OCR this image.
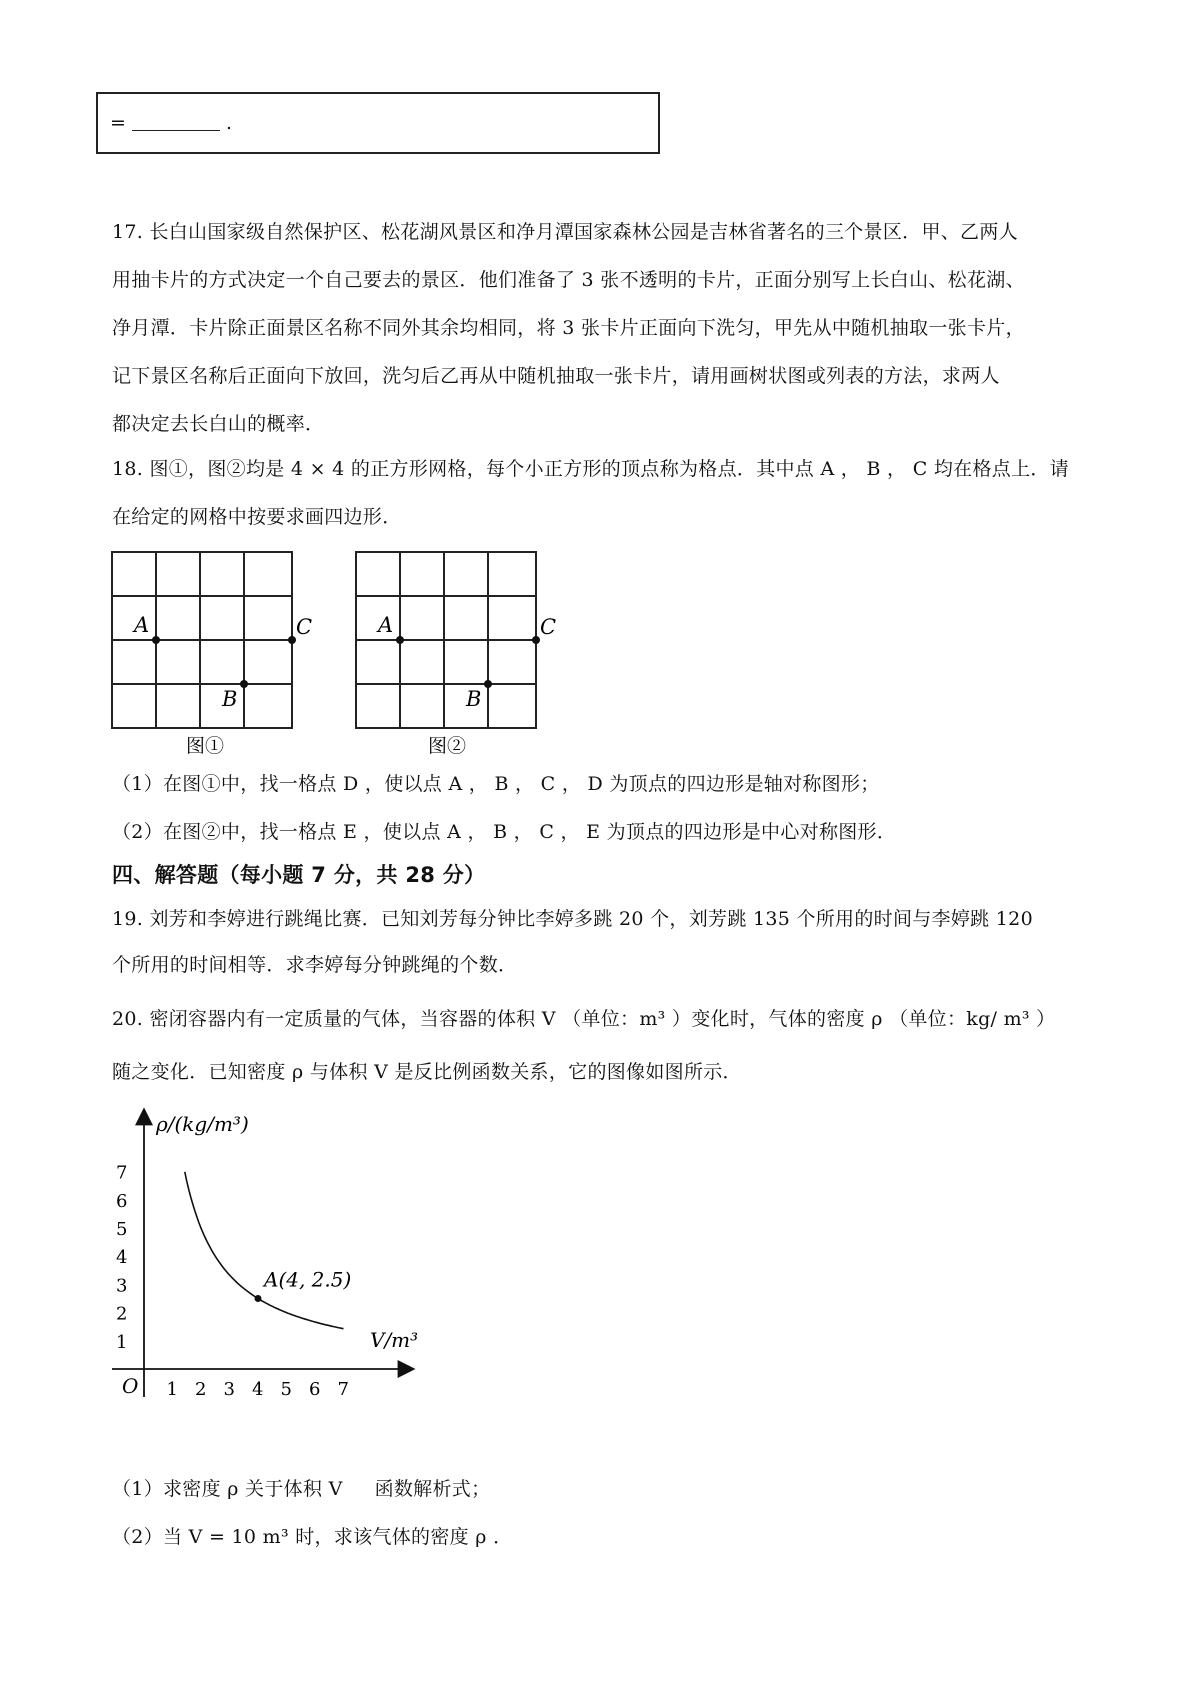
=	.
17. 长白山国家级自然保护区、松花湖风景区和净月潭国家森林公园是吉林省著名的三个景区．甲、乙两人
用抽卡片的方式决定一个自己要去的景区．他们准备了 3 张不透明的卡片，正面分别写上长白山、松花湖、
净月潭．卡片除正面景区名称不同外其余均相同，将 3 张卡片正面向下洗匀，甲先从中随机抽取一张卡片，
记下景区名称后正面向下放回，洗匀后乙再从中随机抽取一张卡片，请用画树状图或列表的方法，求两人
都决定去长白山的概率．
18. 图①，图②均是 4 × 4 的正方形网格，每个小正方形的顶点称为格点．其中点 A ， B ， C 均在格点上．请
在给定的网格中按要求画四边形．
A	C
B
图①
A	C
B
图②
（1）在图①中，找一格点 D ，使以点 A ， B ， C ， D 为顶点的四边形是轴对称图形；
（2）在图②中，找一格点 E ，使以点 A ， B ， C ， E 为顶点的四边形是中心对称图形．
四、解答题（每小题 7 分，共 28 分）
19. 刘芳和李婷进行跳绳比赛．已知刘芳每分钟比李婷多跳 20 个，刘芳跳 135 个所用的时间与李婷跳 120
个所用的时间相等．求李婷每分钟跳绳的个数．
20. 密闭容器内有一定质量的气体，当容器的体积 V （单位：m³ ）变化时，气体的密度 ρ （单位：kg/ m³ ）
随之变化．已知密度 ρ 与体积 V 是反比例函数关系，它的图像如图所示．
ρ/(kg/m³)
V/m³
O 1 2 3 4 5 6 7
1
2
3
4
5
6
7
A(4, 2.5)
（1）求密度 ρ 关于体积 V 　 函数解析式；
（2）当 V = 10 m³ 时，求该气体的密度 ρ ．
